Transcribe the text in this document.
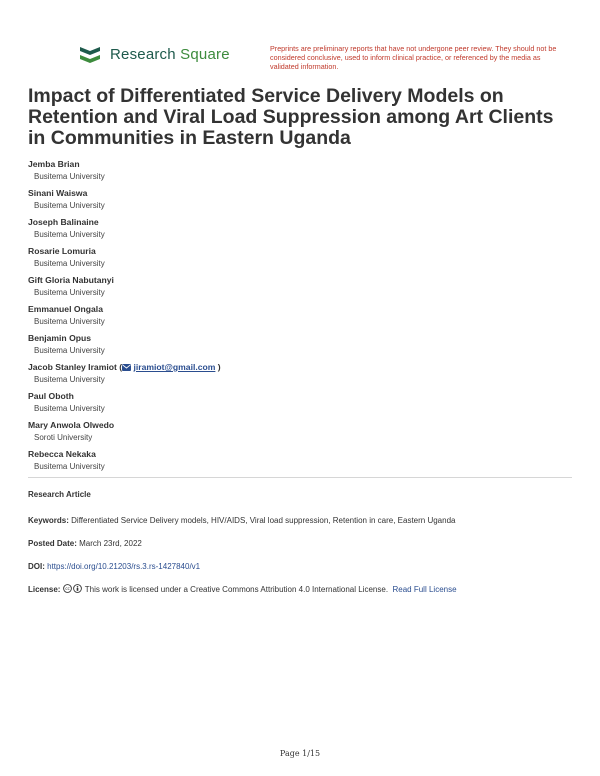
Research Square	Preprints are preliminary reports that have not undergone peer review. They should not be considered conclusive, used to inform clinical practice, or referenced by the media as validated information.
Impact of Differentiated Service Delivery Models on Retention and Viral Load Suppression among Art Clients in Communities in Eastern Uganda
Jemba Brian
Busitema University
Sinani Waiswa
Busitema University
Joseph Balinaine
Busitema University
Rosarie Lomuria
Busitema University
Gift Gloria Nabutanyi
Busitema University
Emmanuel Ongala
Busitema University
Benjamin Opus
Busitema University
Jacob Stanley Iramiot ( jiramiot@gmail.com )
Busitema University
Paul Oboth
Busitema University
Mary Anwola Olwedo
Soroti University
Rebecca Nekaka
Busitema University
Research Article
Keywords: Differentiated Service Delivery models, HIV/AIDS, Viral load suppression, Retention in care, Eastern Uganda
Posted Date: March 23rd, 2022
DOI: https://doi.org/10.21203/rs.3.rs-1427840/v1
License: cc This work is licensed under a Creative Commons Attribution 4.0 International License. Read Full License
Page 1/15
